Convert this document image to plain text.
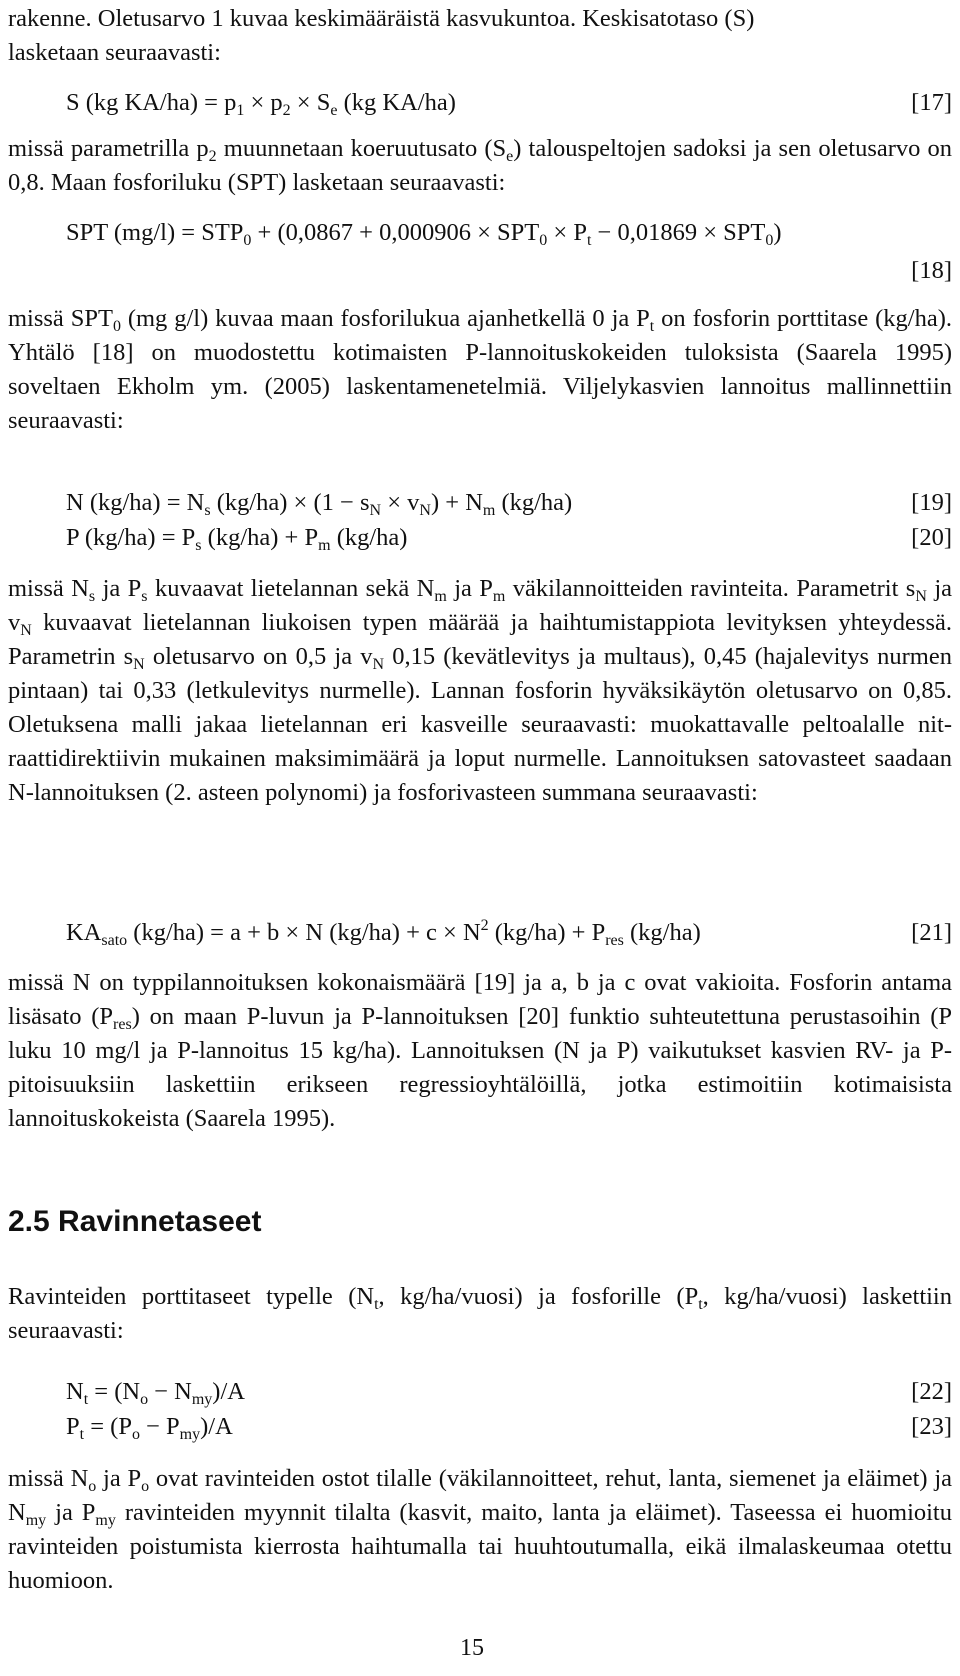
rakenne. Oletusarvo 1 kuvaa keskimääräistä kasvukuntoa. Keskisatotaso (S)
lasketaan seuraavasti:

S (kg $KA/ha) = p_1 \times p_2 \times S_e$ (kg KA/ha)	[17]

missä parametrilla $p_2$ muunnetaan koeruutusato $(S_e)$ talouspeltojen sadoksi ja sen oletusarvo on 0,8. Maan fosforiluku (SPT) lasketaan seuraavasti:

SPT $(mg/l) = STP_0 + (0,0867 + 0,000906 \times SPT_0 \times P_t - 0,01869 \times SPT_0)$
[18]

missä $SPT_0$ (mg g/l) kuvaa maan fosforilukua ajanhetkellä 0 ja $P_t$ on fosforin porttitase (kg/ha). Yhtälö [18] on muodostettu kotimaisten P-lannoituskokeiden tuloksista (Saarela 1995) soveltaen Ekholm ym. (2005) laskentamenetelmiä. Viljelykasvien lannoitus mallinnettiin seuraavasti:

N $(kg/ha) = N_s$ $(kg/ha) \times (1 - s_N \times v_N) + N_m$ (kg/ha)	[19]
P $(kg/ha) = P_s$ $(kg/ha) + P_m$ (kg/ha)	[20]

missä $N_s$ ja $P_s$ kuvaavat lietelannan sekä $N_m$ ja $P_m$ väkilannoitteiden ravinteita. Parametrit $s_N$ ja $v_N$ kuvaavat lietelannan liukoisen typen määrää ja haihtumistappiota levityksen yhteydessä. Parametrin $s_N$ oletusarvo on 0,5 ja $v_N$ 0,15 (kevätlevitys ja multaus), 0,45 (hajalevitys nurmen pintaan) tai 0,33 (letkulevitys nurmelle). Lannan fosforin hyväksikäytön oletusarvo on 0,85. Oletuksena malli jakaa lietelannan eri kasveille seuraavasti: muokattavalle peltoalalle nitraattidirektiivin mukainen maksimimäärä ja loput nurmelle. Lannoituksen satovasteet saadaan N-lannoituksen (2. asteen polynomi) ja fosforivasteen summana seuraavasti:

$KA_{sato}$ (kg/ha) = a + b × N $(kg/ha) + c \times N^2$ $(kg/ha) + P_{res}$ (kg/ha)	[21]

missä N on typpilannoituksen kokonaismäärä [19] ja a, b ja c ovat vakioita. Fosforin antama lisäsato $(P_{res})$ on maan P-luvun ja P-lannoituksen [20] funktio suhteutettuna perustasoihin (P luku 10 mg/l ja P-lannoitus 15 kg/ha). Lannoituksen (N ja P) vaikutukset kasvien RV- ja P-pitoisuuksiin laskettiin erikseen regressioyhtälöillä, jotka estimoitiin kotimaisista lannoituskokeista (Saarela 1995).

2.5 Ravinnetaseet

Ravinteiden porttitaseet typelle ($N_t$, kg/ha/vuosi) ja fosforille ($P_t$, kg/ha/vuosi) laskettiin seuraavasti:

$N_t = (N_o - N_{my})/A$	[22]
$P_t = (P_o - P_{my})/A$	[23]

missä $N_o$ ja $P_o$ ovat ravinteiden ostot tilalle (väkilannoitteet, rehut, lanta, siemenet ja eläimet) ja $N_{my}$ ja $P_{my}$ ravinteiden myynnit tilalta (kasvit, maito, lanta ja eläimet). Taseessa ei huomioitu ravinteiden poistumista kierrosta haihtumalla tai huuhtoutumalla, eikä ilmalaskeumaa otettu huomioon.

15
